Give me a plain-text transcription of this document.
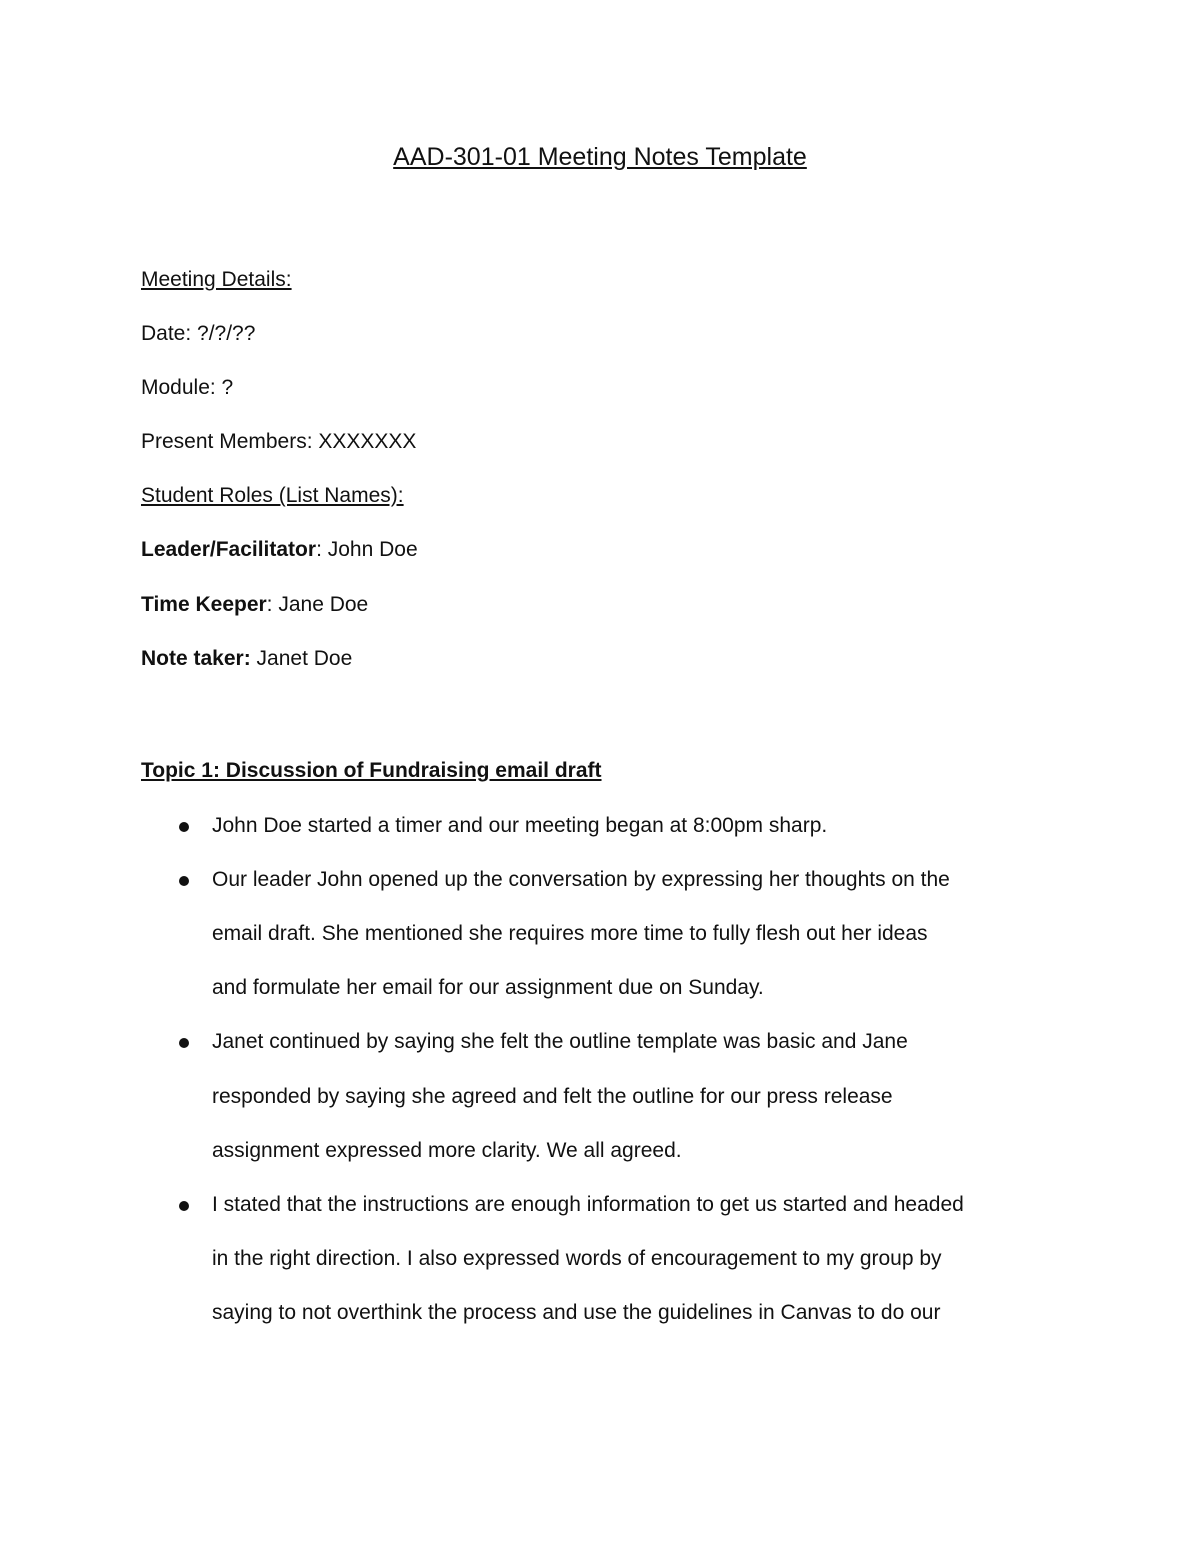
AAD-301-01 Meeting Notes Template

Meeting Details:

Date: ?/?/??

Module: ?

Present Members: XXXXXXX

Student Roles (List Names):

Leader/Facilitator: John Doe

Time Keeper: Jane Doe

Note taker: Janet Doe

Topic 1: Discussion of Fundraising email draft

John Doe started a timer and our meeting began at 8:00pm sharp.

Our leader John opened up the conversation by expressing her thoughts on the

email draft. She mentioned she requires more time to fully flesh out her ideas

and formulate her email for our assignment due on Sunday.

Janet continued by saying she felt the outline template was basic and Jane

responded by saying she agreed and felt the outline for our press release

assignment expressed more clarity. We all agreed.

I stated that the instructions are enough information to get us started and headed

in the right direction. I also expressed words of encouragement to my group by

saying to not overthink the process and use the guidelines in Canvas to do our
